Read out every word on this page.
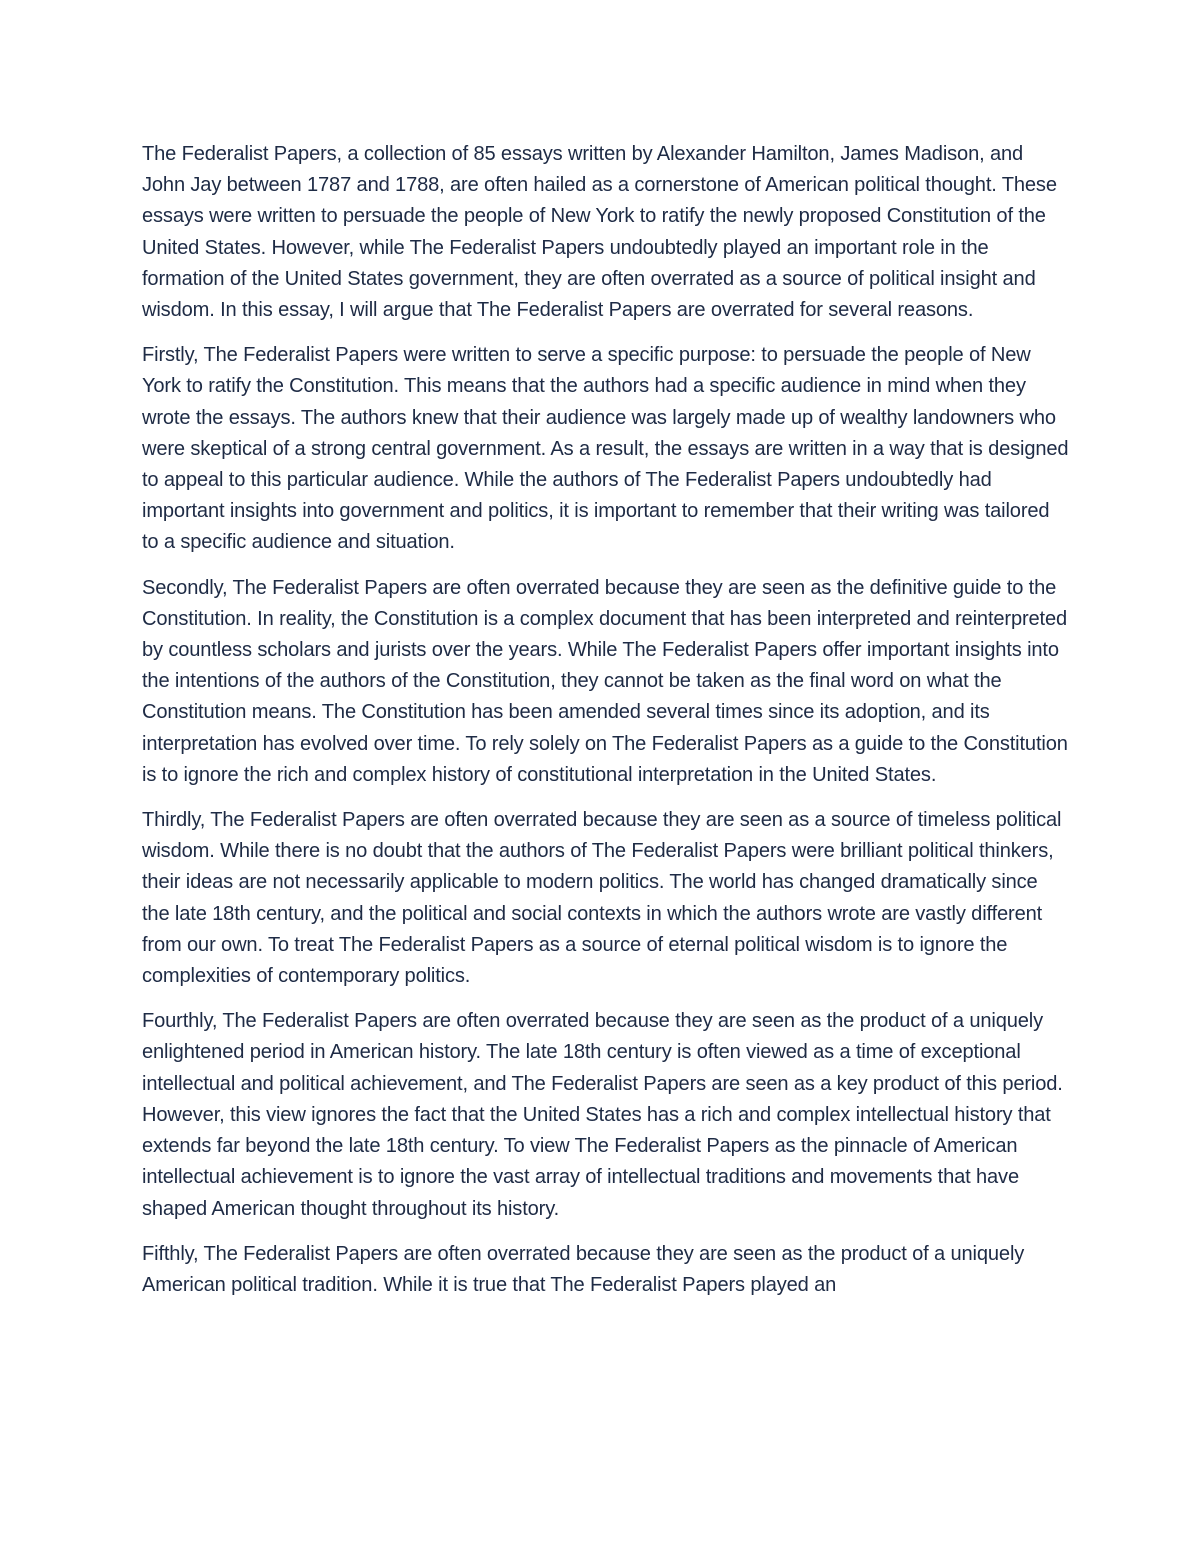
The Federalist Papers, a collection of 85 essays written by Alexander Hamilton, James Madison, and John Jay between 1787 and 1788, are often hailed as a cornerstone of American political thought. These essays were written to persuade the people of New York to ratify the newly proposed Constitution of the United States. However, while The Federalist Papers undoubtedly played an important role in the formation of the United States government, they are often overrated as a source of political insight and wisdom. In this essay, I will argue that The Federalist Papers are overrated for several reasons.

Firstly, The Federalist Papers were written to serve a specific purpose: to persuade the people of New York to ratify the Constitution. This means that the authors had a specific audience in mind when they wrote the essays. The authors knew that their audience was largely made up of wealthy landowners who were skeptical of a strong central government. As a result, the essays are written in a way that is designed to appeal to this particular audience. While the authors of The Federalist Papers undoubtedly had important insights into government and politics, it is important to remember that their writing was tailored to a specific audience and situation.

Secondly, The Federalist Papers are often overrated because they are seen as the definitive guide to the Constitution. In reality, the Constitution is a complex document that has been interpreted and reinterpreted by countless scholars and jurists over the years. While The Federalist Papers offer important insights into the intentions of the authors of the Constitution, they cannot be taken as the final word on what the Constitution means. The Constitution has been amended several times since its adoption, and its interpretation has evolved over time. To rely solely on The Federalist Papers as a guide to the Constitution is to ignore the rich and complex history of constitutional interpretation in the United States.

Thirdly, The Federalist Papers are often overrated because they are seen as a source of timeless political wisdom. While there is no doubt that the authors of The Federalist Papers were brilliant political thinkers, their ideas are not necessarily applicable to modern politics. The world has changed dramatically since the late 18th century, and the political and social contexts in which the authors wrote are vastly different from our own. To treat The Federalist Papers as a source of eternal political wisdom is to ignore the complexities of contemporary politics.

Fourthly, The Federalist Papers are often overrated because they are seen as the product of a uniquely enlightened period in American history. The late 18th century is often viewed as a time of exceptional intellectual and political achievement, and The Federalist Papers are seen as a key product of this period. However, this view ignores the fact that the United States has a rich and complex intellectual history that extends far beyond the late 18th century. To view The Federalist Papers as the pinnacle of American intellectual achievement is to ignore the vast array of intellectual traditions and movements that have shaped American thought throughout its history.

Fifthly, The Federalist Papers are often overrated because they are seen as the product of a uniquely American political tradition. While it is true that The Federalist Papers played an
